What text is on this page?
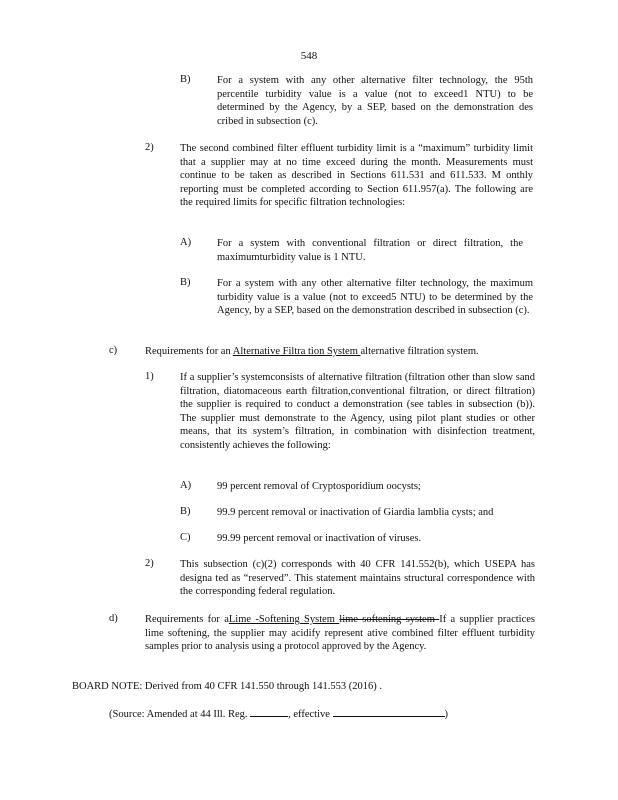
548
B)	For a system with any other alternative filter technology, the 95th percentile turbidity value is a value (not to exceed1 NTU) to be determined by the Agency, by a SEP, based on the demonstration des cribed in subsection (c).
2)	The second combined filter effluent turbidity limit is a “maximum” turbidity limit that a supplier may at no time exceed during the month. Measurements must continue to be taken as described in Sections 611.531 and 611.533. M onthly reporting must be completed according to Section 611.957(a). The following are the required limits for specific filtration technologies:
A) For a system with conventional filtration or direct filtration, the maximumturbidity value is 1 NTU.
B)	For a system with any other alternative filter technology, the maximum turbidity value is a value (not to exceed5 NTU) to be determined by the Agency, by a SEP, based on the demonstration described in subsection (c).
c)	Requirements for an Alternative Filtra tion System alternative filtration system.
1)	If a supplier’s systemconsists of alternative filtration (filtration other than slow sand filtration, diatomaceous earth filtration,conventional filtration, or direct filtration) the supplier is required to conduct a demonstration (see tables in subsection (b)). The supplier must demonstrate to the Agency, using pilot plant studies or other means, that its system’s filtration, in combination with disinfection treatment, consistently achieves the following:
A) 99 percent removal of Cryptosporidium oocysts;
B)	99.9 percent removal or inactivation of Giardia lamblia cysts; and
C)	99.99 percent removal or inactivation of viruses.
2)	This subsection (c)(2) corresponds with 40 CFR 141.552(b), which USEPA has designa ted as “reserved”. This statement maintains structural correspondence with the corresponding federal regulation.
d)	Requirements for aLime -Softening System lime softening system If a supplier practices lime softening, the supplier may acidify represent ative combined filter effluent turbidity samples prior to analysis using a protocol approved by the Agency.
BOARD NOTE: Derived from 40 CFR 141.550 through 141.553 (2016) .
(Source: Amended at 44 Ill. Reg.	, effective	)
